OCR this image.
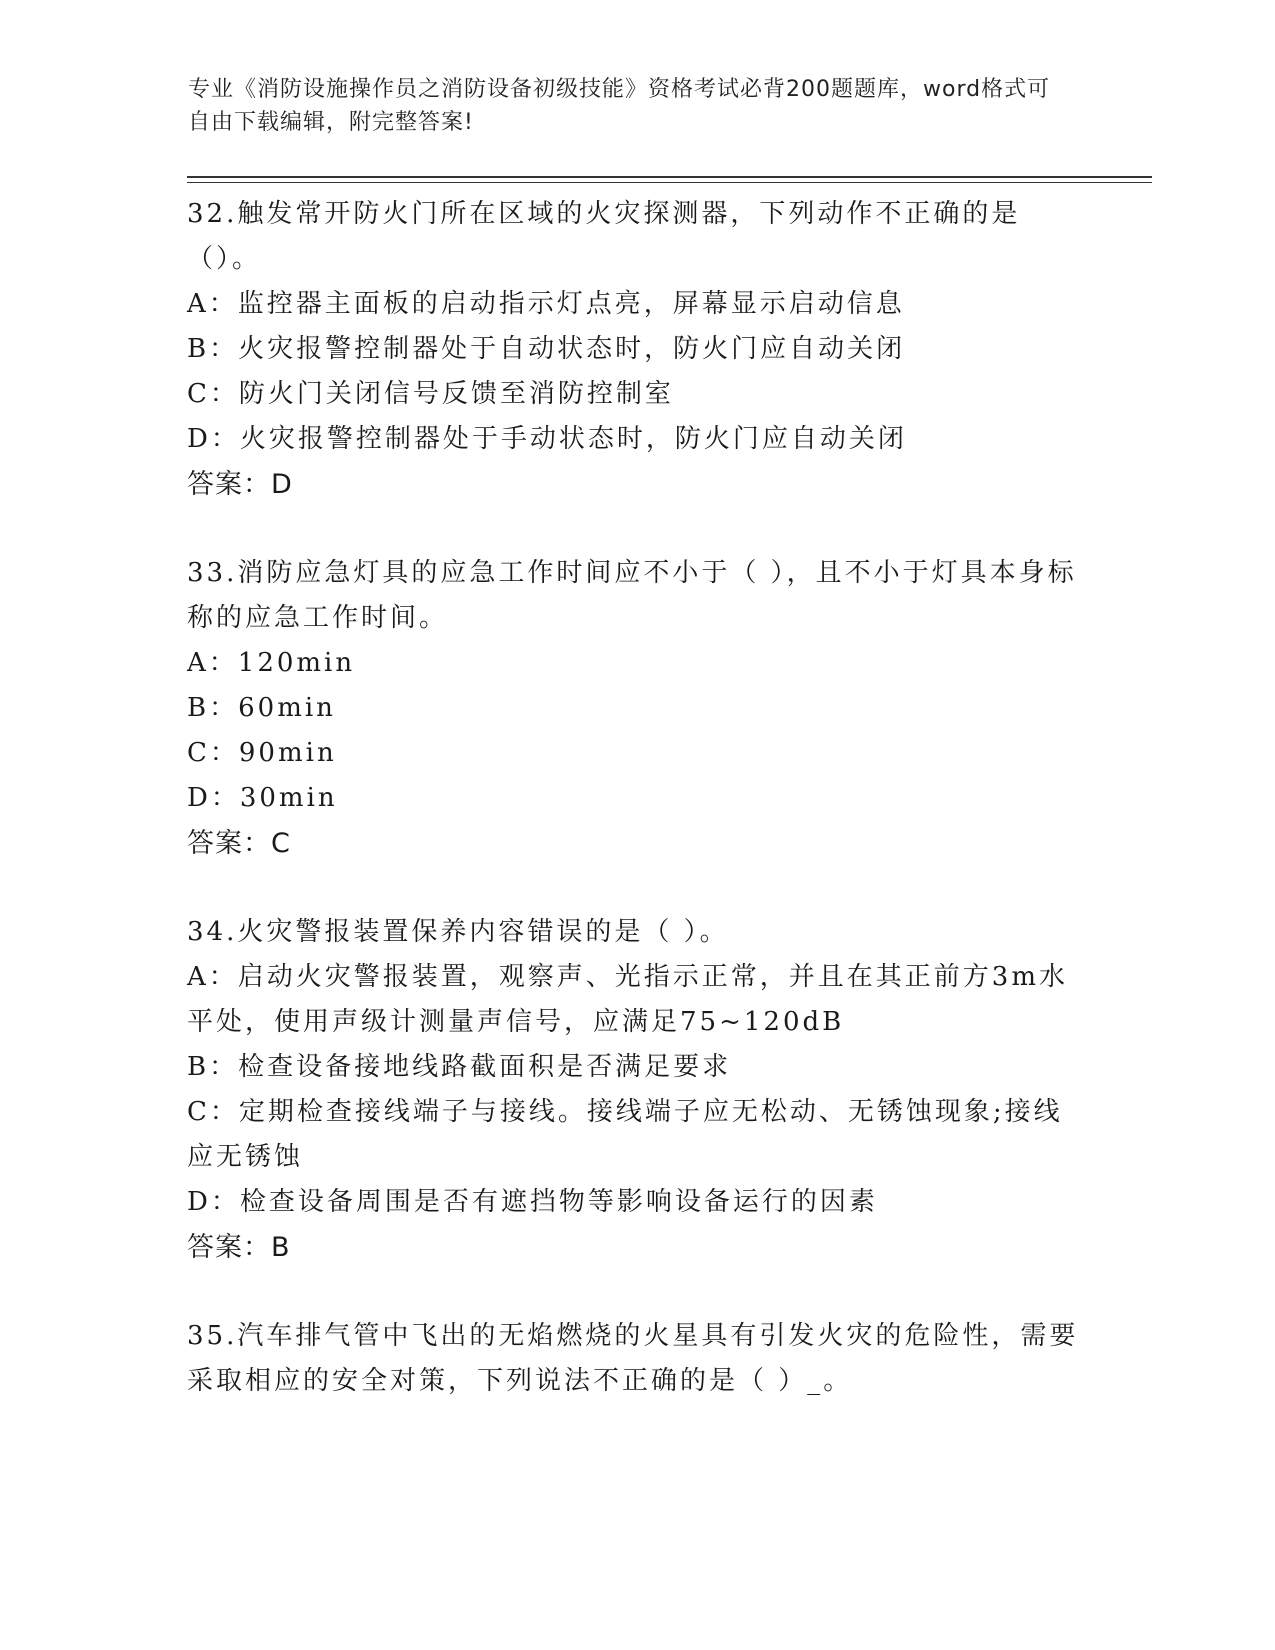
专业《消防设施操作员之消防设备初级技能》资格考试必背200题题库，word格式可自由下载编辑，附完整答案!
32.触发常开防火门所在区域的火灾探测器，下列动作不正确的是（）。
A：监控器主面板的启动指示灯点亮，屏幕显示启动信息
B：火灾报警控制器处于自动状态时，防火门应自动关闭
C：防火门关闭信号反馈至消防控制室
D：火灾报警控制器处于手动状态时，防火门应自动关闭
答案：D
33.消防应急灯具的应急工作时间应不小于（ ），且不小于灯具本身标称的应急工作时间。
A：120min
B：60min
C：90min
D：30min
答案：C
34.火灾警报装置保养内容错误的是（ ）。
A：启动火灾警报装置，观察声、光指示正常，并且在其正前方3m水平处，使用声级计测量声信号，应满足75~120dB
B：检查设备接地线路截面积是否满足要求
C：定期检查接线端子与接线。接线端子应无松动、无锈蚀现象;接线应无锈蚀
D：检查设备周围是否有遮挡物等影响设备运行的因素
答案：B
35.汽车排气管中飞出的无焰燃烧的火星具有引发火灾的危险性，需要采取相应的安全对策，下列说法不正确的是（ ）_。
